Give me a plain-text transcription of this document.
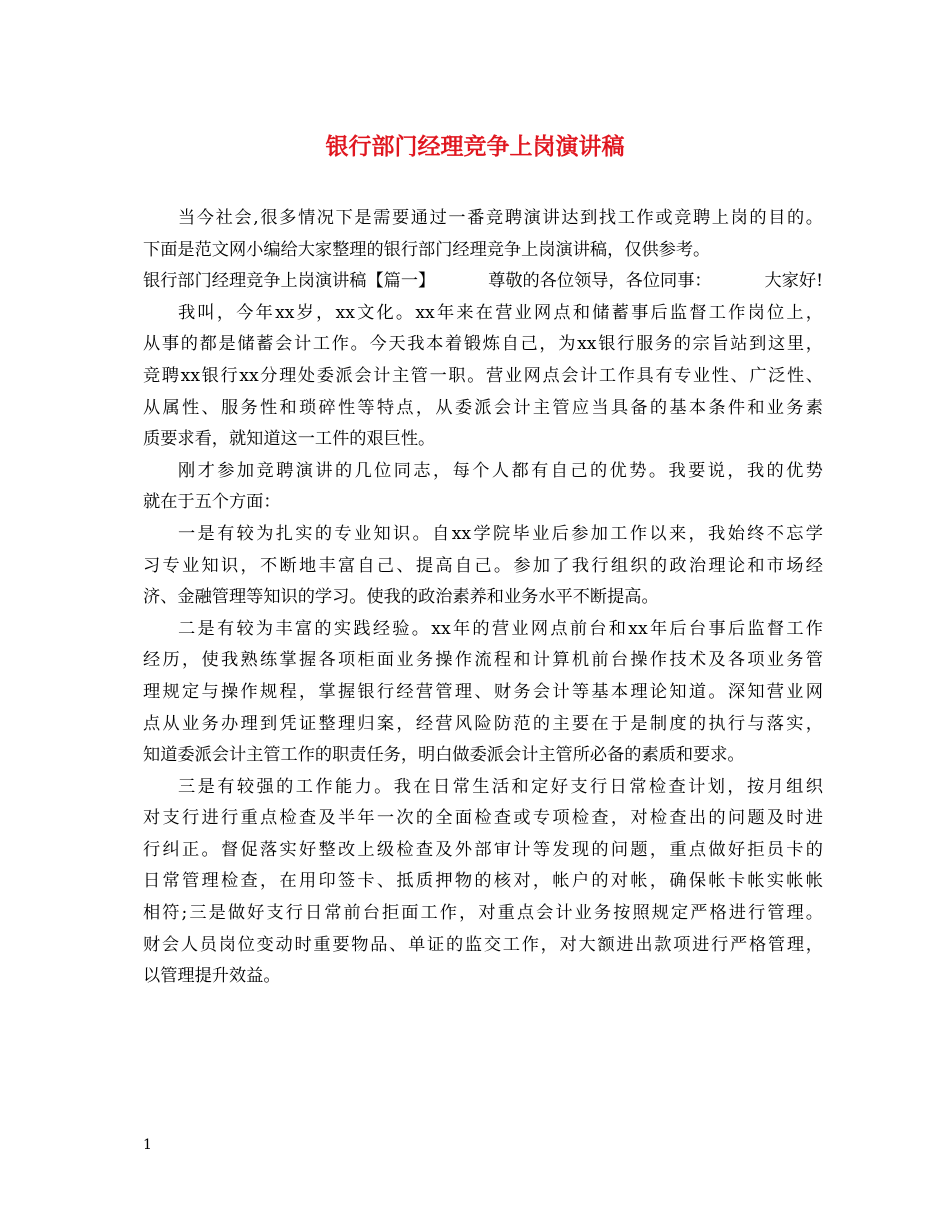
银行部门经理竞争上岗演讲稿
当今社会,很多情况下是需要通过一番竞聘演讲达到找工作或竞聘上岗的目的。
下面是范文网小编给大家整理的银行部门经理竞争上岗演讲稿，仅供参考。
银行部门经理竞争上岗演讲稿【篇一】	尊敬的各位领导，各位同事：	大家好!
我叫，今年xx岁，xx文化。xx年来在营业网点和储蓄事后监督工作岗位上，
从事的都是储蓄会计工作。今天我本着锻炼自己，为xx银行服务的宗旨站到这里，
竞聘xx银行xx分理处委派会计主管一职。营业网点会计工作具有专业性、广泛性、
从属性、服务性和琐碎性等特点，从委派会计主管应当具备的基本条件和业务素
质要求看，就知道这一工件的艰巨性。
刚才参加竞聘演讲的几位同志，每个人都有自己的优势。我要说，我的优势
就在于五个方面：
一是有较为扎实的专业知识。自xx学院毕业后参加工作以来，我始终不忘学
习专业知识，不断地丰富自己、提高自己。参加了我行组织的政治理论和市场经
济、金融管理等知识的学习。使我的政治素养和业务水平不断提高。
二是有较为丰富的实践经验。xx年的营业网点前台和xx年后台事后监督工作
经历，使我熟练掌握各项柜面业务操作流程和计算机前台操作技术及各项业务管
理规定与操作规程，掌握银行经营管理、财务会计等基本理论知道。深知营业网
点从业务办理到凭证整理归案，经营风险防范的主要在于是制度的执行与落实，
知道委派会计主管工作的职责任务，明白做委派会计主管所必备的素质和要求。
三是有较强的工作能力。我在日常生活和定好支行日常检查计划，按月组织
对支行进行重点检查及半年一次的全面检查或专项检查，对检查出的问题及时进
行纠正。督促落实好整改上级检查及外部审计等发现的问题，重点做好拒员卡的
日常管理检查，在用印签卡、抵质押物的核对，帐户的对帐，确保帐卡帐实帐帐
相符;三是做好支行日常前台拒面工作，对重点会计业务按照规定严格进行管理。
财会人员岗位变动时重要物品、单证的监交工作，对大额进出款项进行严格管理，
以管理提升效益。
1
